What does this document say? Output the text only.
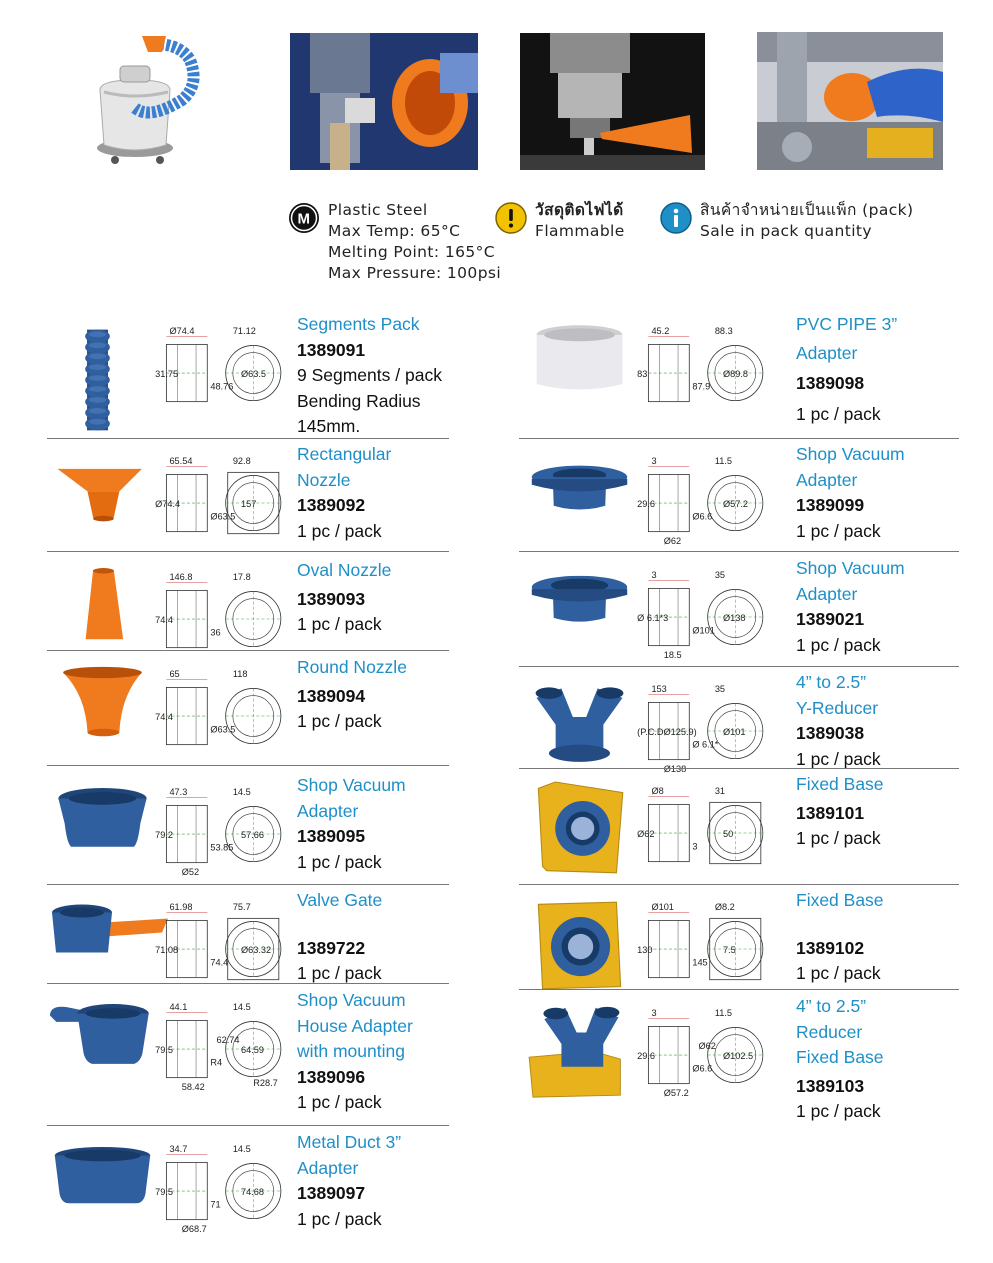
M Plastic Steel
Max Temp: 65°C
Melting Point: 165°C
Max Pressure: 100psi
วัสดุติดไฟได้
Flammable
สินค้าจำหน่ายเป็นแพ็ก (pack)
Sale in pack quantity
Ø74.4	71.12
31.75
48.76
Ø63.5
Segments Pack
1389091
9 Segments / pack
Bending Radius
145mm.
65.54	92.8
Ø74.4
Ø63.5
157
Rectangular
Nozzle
1389092
1 pc / pack
146.8	17.8
74.4
36
Oval Nozzle
1389093
1 pc / pack
65	118
74.4
Ø63.5
Round Nozzle
1389094
1 pc / pack
47.3	14.5
79.2
53.85
57.66
Ø52
Shop Vacuum
Adapter
1389095
1 pc / pack
61.98	75.7
71.08
74.4
Ø63.32
Valve Gate
1389722
1 pc / pack
44.1	14.5
79.5
R4
64.59
58.42
62.74
R28.7
Shop Vacuum
House Adapter
with mounting
1389096
1 pc / pack
34.7	14.5
79.5
71
74.68
Ø68.7
Metal Duct 3”
Adapter
1389097
1 pc / pack
45.2	88.3
83
87.9
Ø89.8
PVC PIPE 3”
Adapter
1389098
1 pc / pack
3	11.5
29.6
Ø6.6
Ø57.2
Ø62
Shop Vacuum
Adapter
1389099
1 pc / pack
3	35
Ø 6.1*3
Ø101
Ø138
18.5
Shop Vacuum
Adapter
1389021
1 pc / pack
153	35
(P.C.DØ125.9)
Ø 6.1*
Ø101
4” to 2.5”
Y-Reducer
1389038
1 pc / pack
Ø8	31
Ø62
3
50
Fixed Base
1389101
1 pc / pack
Ø101	Ø8.2
130
145
7.5
Fixed Base
1389102
1 pc / pack
3	11.5
29.6
Ø6.6
Ø102.5
Ø57.2
Ø62
4” to 2.5”
Reducer
Fixed Base
1389103
1 pc / pack
